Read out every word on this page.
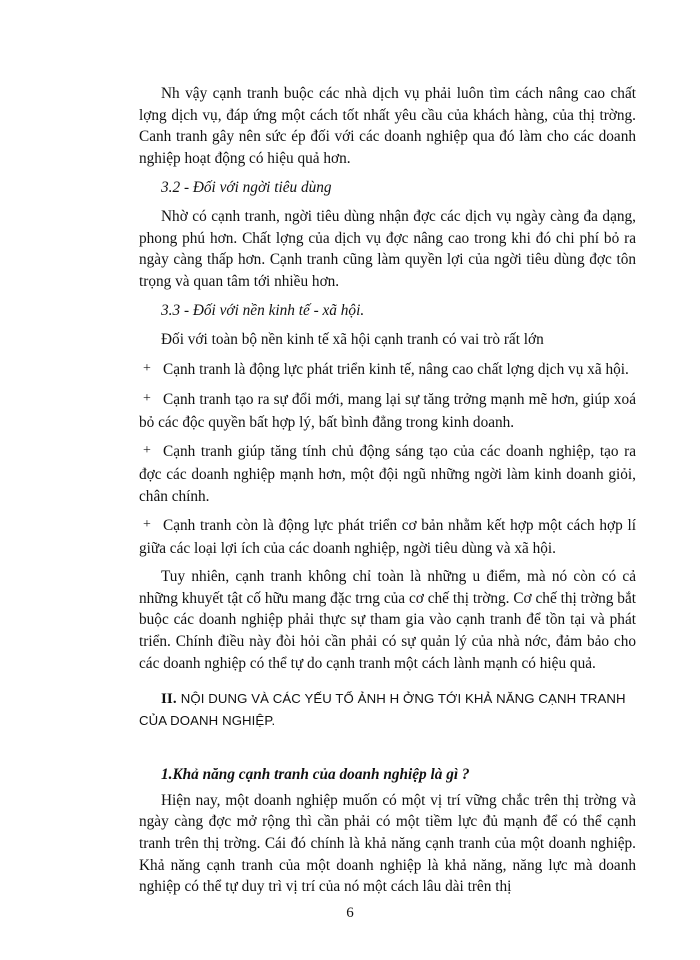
Nh vậy cạnh tranh buộc các nhà dịch vụ phải luôn tìm cách nâng cao chất lợng dịch vụ, đáp ứng một cách tốt nhất yêu cầu của khách hàng, của thị trờng. Canh tranh gây nên sức ép đối với các doanh nghiệp qua đó làm cho các doanh nghiệp hoạt động có hiệu quả hơn.

3.2 - Đối với ngời tiêu dùng

Nhờ có cạnh tranh, ngời tiêu dùng nhận đợc các dịch vụ ngày càng đa dạng, phong phú hơn. Chất lợng của dịch vụ đợc nâng cao trong khi đó chi phí bỏ ra ngày càng thấp hơn. Cạnh tranh cũng làm quyền lợi của ngời tiêu dùng đợc tôn trọng và quan tâm tới nhiều hơn.

3.3 - Đối với nền kinh tế - xã hội.

Đối với toàn bộ nền kinh tế xã hội cạnh tranh có vai trò rất lớn

+ Cạnh tranh là động lực phát triển kinh tế, nâng cao chất lợng dịch vụ xã hội.

+ Cạnh tranh tạo ra sự đổi mới, mang lại sự tăng trởng mạnh mẽ hơn, giúp xoá bỏ các độc quyền bất hợp lý, bất bình đẳng trong kinh doanh.

+ Cạnh tranh giúp tăng tính chủ động sáng tạo của các doanh nghiệp, tạo ra đợc các doanh nghiệp mạnh hơn, một đội ngũ những ngời làm kinh doanh giỏi, chân chính.

+ Cạnh tranh còn là động lực phát triển cơ bản nhằm kết hợp một cách hợp lí giữa các loại lợi ích của các doanh nghiệp, ngời tiêu dùng và xã hội.

Tuy nhiên, cạnh tranh không chỉ toàn là những u điểm, mà nó còn có cả những khuyết tật cố hữu mang đặc trng của cơ chế thị trờng. Cơ chế thị trờng bắt buộc các doanh nghiệp phải thực sự tham gia vào cạnh tranh để tồn tại và phát triển. Chính điều này đòi hỏi cần phải có sự quản lý của nhà nớc, đảm bảo cho các doanh nghiệp có thể tự do cạnh tranh một cách lành mạnh có hiệu quả.

II. NỘI DUNG VÀ CÁC YẾU TỐ ẢNH H ỞNG TỚI KHẢ NĂNG CẠNH TRANH
CỦA DOANH NGHIỆP.

1.Khả năng cạnh tranh của doanh nghiệp là gì ?

Hiện nay, một doanh nghiệp muốn có một vị trí vững chắc trên thị trờng và ngày càng đợc mở rộng thì cần phải có một tiềm lực đủ mạnh để có thể cạnh tranh trên thị trờng. Cái đó chính là khả năng cạnh tranh của một doanh nghiệp. Khả năng cạnh tranh của một doanh nghiệp là khả năng, năng lực mà doanh nghiệp có thể tự duy trì vị trí của nó một cách lâu dài trên thị

6
